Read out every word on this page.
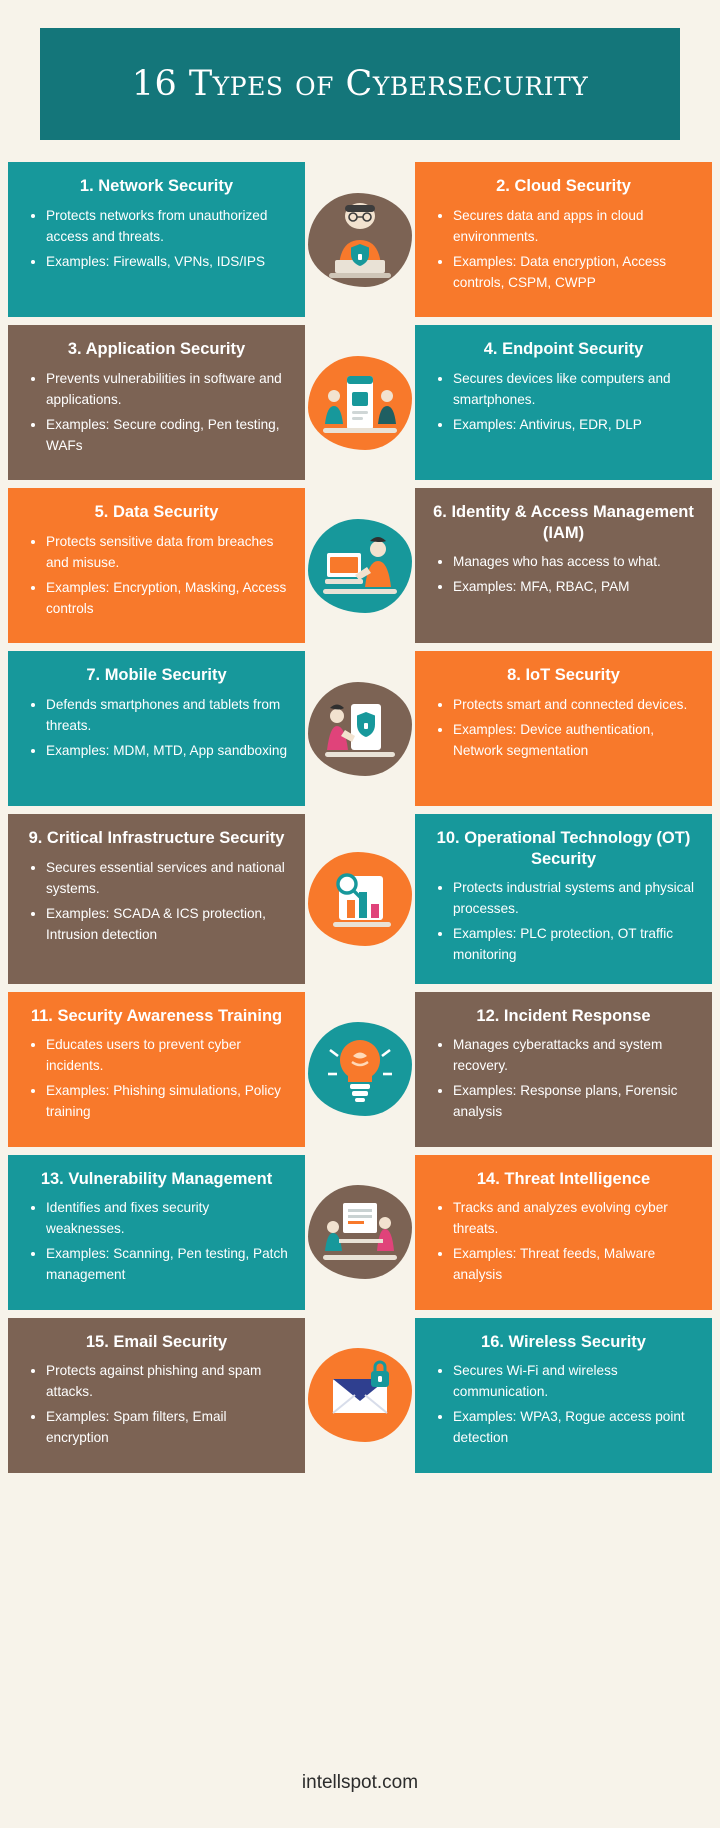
16 Types of Cybersecurity
1. Network Security
• Protects networks from unauthorized access and threats.
• Examples: Firewalls, VPNs, IDS/IPS
2. Cloud Security
• Secures data and apps in cloud environments.
• Examples: Data encryption, Access controls, CSPM, CWPP
3. Application Security
• Prevents vulnerabilities in software and applications.
• Examples: Secure coding, Pen testing, WAFs
4. Endpoint Security
• Secures devices like computers and smartphones.
• Examples: Antivirus, EDR, DLP
5. Data Security
• Protects sensitive data from breaches and misuse.
• Examples: Encryption, Masking, Access controls
6. Identity & Access Management (IAM)
• Manages who has access to what.
• Examples: MFA, RBAC, PAM
7. Mobile Security
• Defends smartphones and tablets from threats.
• Examples: MDM, MTD, App sandboxing
8. IoT Security
• Protects smart and connected devices.
• Examples: Device authentication, Network segmentation
9. Critical Infrastructure Security
• Secures essential services and national systems.
• Examples: SCADA & ICS protection, Intrusion detection
10. Operational Technology (OT) Security
• Protects industrial systems and physical processes.
• Examples: PLC protection, OT traffic monitoring
11. Security Awareness Training
• Educates users to prevent cyber incidents.
• Examples: Phishing simulations, Policy training
12. Incident Response
• Manages cyberattacks and system recovery.
• Examples: Response plans, Forensic analysis
13. Vulnerability Management
• Identifies and fixes security weaknesses.
• Examples: Scanning, Pen testing, Patch management
14. Threat Intelligence
• Tracks and analyzes evolving cyber threats.
• Examples: Threat feeds, Malware analysis
15. Email Security
• Protects against phishing and spam attacks.
• Examples: Spam filters, Email encryption
16. Wireless Security
• Secures Wi-Fi and wireless communication.
• Examples: WPA3, Rogue access point detection
intellspot.com
